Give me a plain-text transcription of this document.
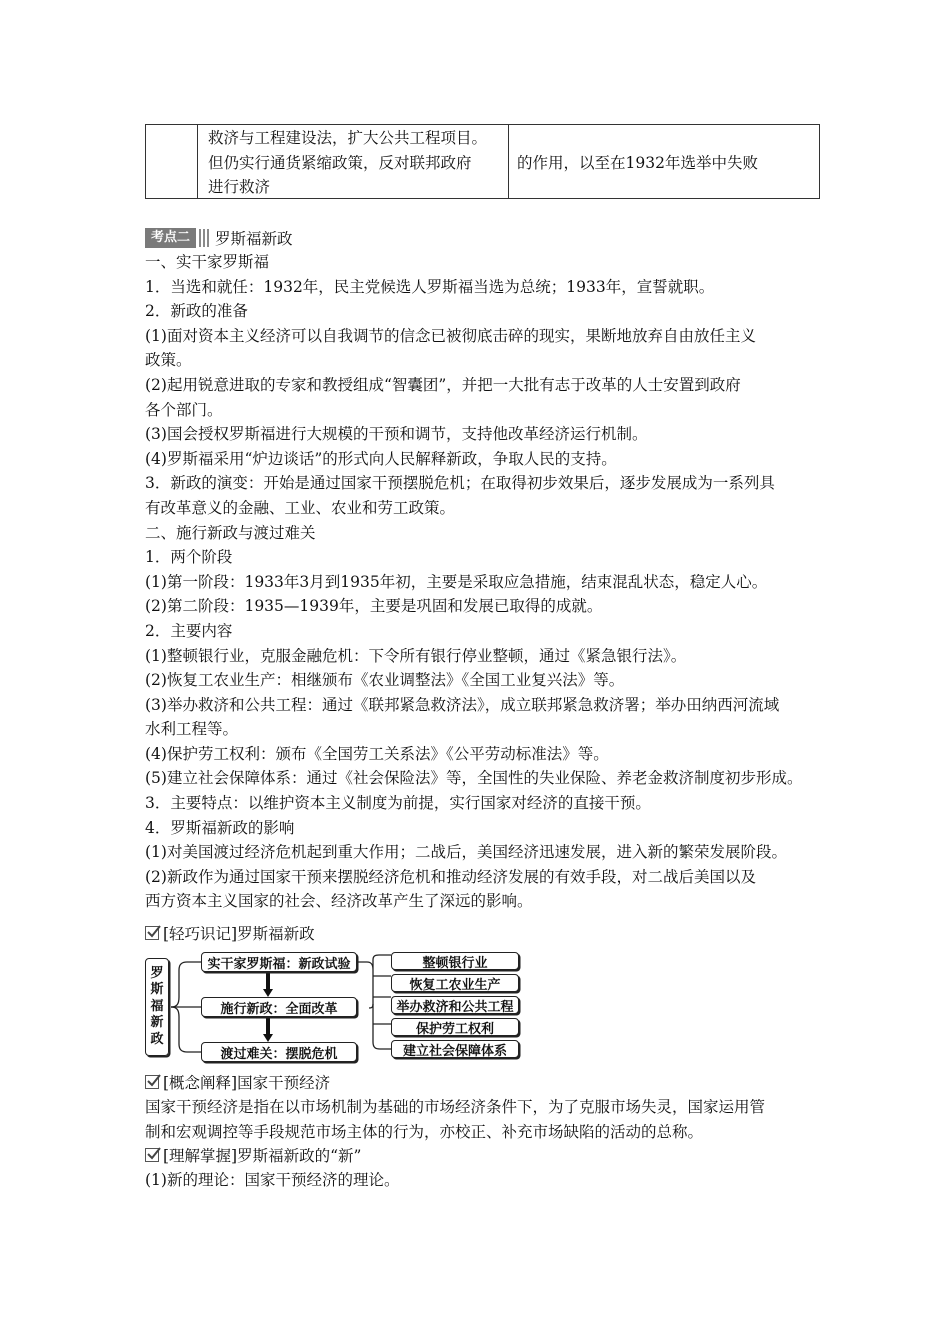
救济与工程建设法，扩大公共工程项目。
但仍实行通货紧缩政策，反对联邦政府
进行救济
的作用，以至在1932年选举中失败
考点二	罗斯福新政
一、实干家罗斯福
1．当选和就任：1932年，民主党候选人罗斯福当选为总统；1933年，宣誓就职。
2．新政的准备
(1)面对资本主义经济可以自我调节的信念已被彻底击碎的现实，果断地放弃自由放任主义
政策。
(2)起用锐意进取的专家和教授组成“智囊团”，并把一大批有志于改革的人士安置到政府
各个部门。
(3)国会授权罗斯福进行大规模的干预和调节，支持他改革经济运行机制。
(4)罗斯福采用“炉边谈话”的形式向人民解释新政，争取人民的支持。
3．新政的演变：开始是通过国家干预摆脱危机；在取得初步效果后，逐步发展成为一系列具
有改革意义的金融、工业、农业和劳工政策。
二、施行新政与渡过难关
1．两个阶段
(1)第一阶段：1933年3月到1935年初，主要是采取应急措施，结束混乱状态，稳定人心。
(2)第二阶段：1935—1939年，主要是巩固和发展已取得的成就。
2．主要内容
(1)整顿银行业，克服金融危机：下令所有银行停业整顿，通过《紧急银行法》。
(2)恢复工农业生产：相继颁布《农业调整法》《全国工业复兴法》等。
(3)举办救济和公共工程：通过《联邦紧急救济法》，成立联邦紧急救济署；举办田纳西河流域
水利工程等。
(4)保护劳工权利：颁布《全国劳工关系法》《公平劳动标准法》等。
(5)建立社会保障体系：通过《社会保险法》等，全国性的失业保险、养老金救济制度初步形成。
3．主要特点：以维护资本主义制度为前提，实行国家对经济的直接干预。
4．罗斯福新政的影响
(1)对美国渡过经济危机起到重大作用；二战后，美国经济迅速发展，进入新的繁荣发展阶段。
(2)新政作为通过国家干预来摆脱经济危机和推动经济发展的有效手段，对二战后美国以及
西方资本主义国家的社会、经济改革产生了深远的影响。
[轻巧识记]罗斯福新政
罗
斯
福
新
政
实干家罗斯福：新政试验
施行新政：全面改革
渡过难关：摆脱危机
整顿银行业
恢复工农业生产
举办救济和公共工程
保护劳工权利
建立社会保障体系
[概念阐释]国家干预经济
国家干预经济是指在以市场机制为基础的市场经济条件下，为了克服市场失灵，国家运用管
制和宏观调控等手段规范市场主体的行为，亦校正、补充市场缺陷的活动的总称。
[理解掌握]罗斯福新政的“新”
(1)新的理论：国家干预经济的理论。
